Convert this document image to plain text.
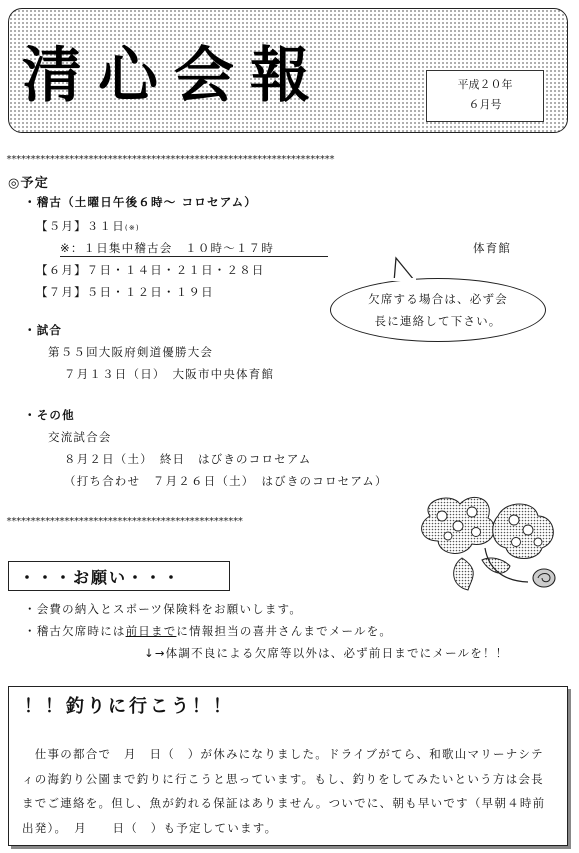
清心会報	平成２０年
６月号
********************************************************************
◎予定
・稽古（土曜日午後６時～ コロセアム）
【５月】３１日(※)
※：１日集中稽古会　１０時～１７時	体育館
【６月】７日・１４日・２１日・２８日
【７月】５日・１２日・１９日	欠席する場合は、必ず会
長に連絡して下さい。
・試合
第５５回大阪府剣道優勝大会
７月１３日（日）　大阪市中央体育館
・その他
交流試合会
８月２日（土）　終日　はびきのコロセアム
（打ち合わせ　７月２６日（土）　はびきのコロセアム）
*************************************************
・・・お願い・・・
・会費の納入とスポーツ保険料をお願いします。
・稽古欠席時には前日までに情報担当の喜井さんまでメールを。
↓→体調不良による欠席等以外は、必ず前日までにメールを！！
！！釣りに行こう！！
　仕事の都合で　月　日（　）が休みになりました。ドライブがてら、和歌山マリーナシティの海釣り公園まで釣りに行こうと思っています。もし、釣りをしてみたいという方は会長までご連絡を。但し、魚が釣れる保証はありません。ついでに、朝も早いです（早朝４時前出発）。　月　　日（　）も予定しています。
